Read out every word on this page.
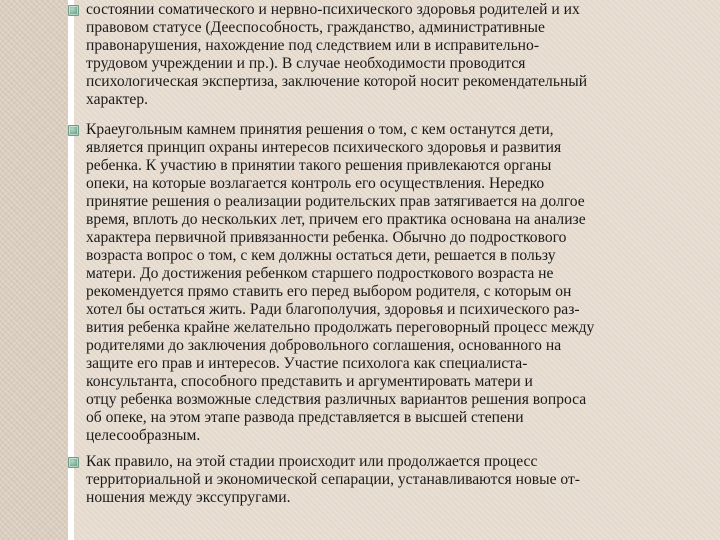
состоянии соматического и нервно-психического здоровья родителей и их

правовом статусе (Дееспособность, гражданство, административные

правонарушения, нахождение под следствием или в исправительно-

трудовом учреждении и пр.). В случае необходимости проводится

психологическая экспертиза, заключение которой носит рекомендательный

характер.

Краеугольным камнем принятия решения о том, с кем останутся дети,

является принцип охраны интересов психического здоровья и развития

ребенка. К участию в принятии такого решения привлекаются органы

опеки, на которые возлагается контроль его осуществления. Нередко

принятие решения о реализации родительских прав затягивается на долгое

время, вплоть до нескольких лет, причем его практика основана на анализе

характера первичной привязанности ребенка. Обычно до подросткового

возраста вопрос о том, с кем должны остаться дети, решается в пользу

матери. До достижения ребенком старшего подросткового возраста не

рекомендуется прямо ставить его перед выбором родителя, с которым он

хотел бы остаться жить. Ради благополучия, здоровья и психического раз-

вития ребенка крайне желательно продолжать переговорный процесс между

родителями до заключения добровольного соглашения, основанного на

защите его прав и интересов. Участие психолога как специалиста-

консультанта, способного представить и аргументировать матери и

отцу ребенка возможные следствия различных вариантов решения вопроса

об опеке, на этом этапе развода представляется в высшей степени

целесообразным.

Как правило, на этой стадии происходит или продолжается процесс

территориальной и экономической сепарации, устанавливаются новые от-

ношения между экссупругами.
